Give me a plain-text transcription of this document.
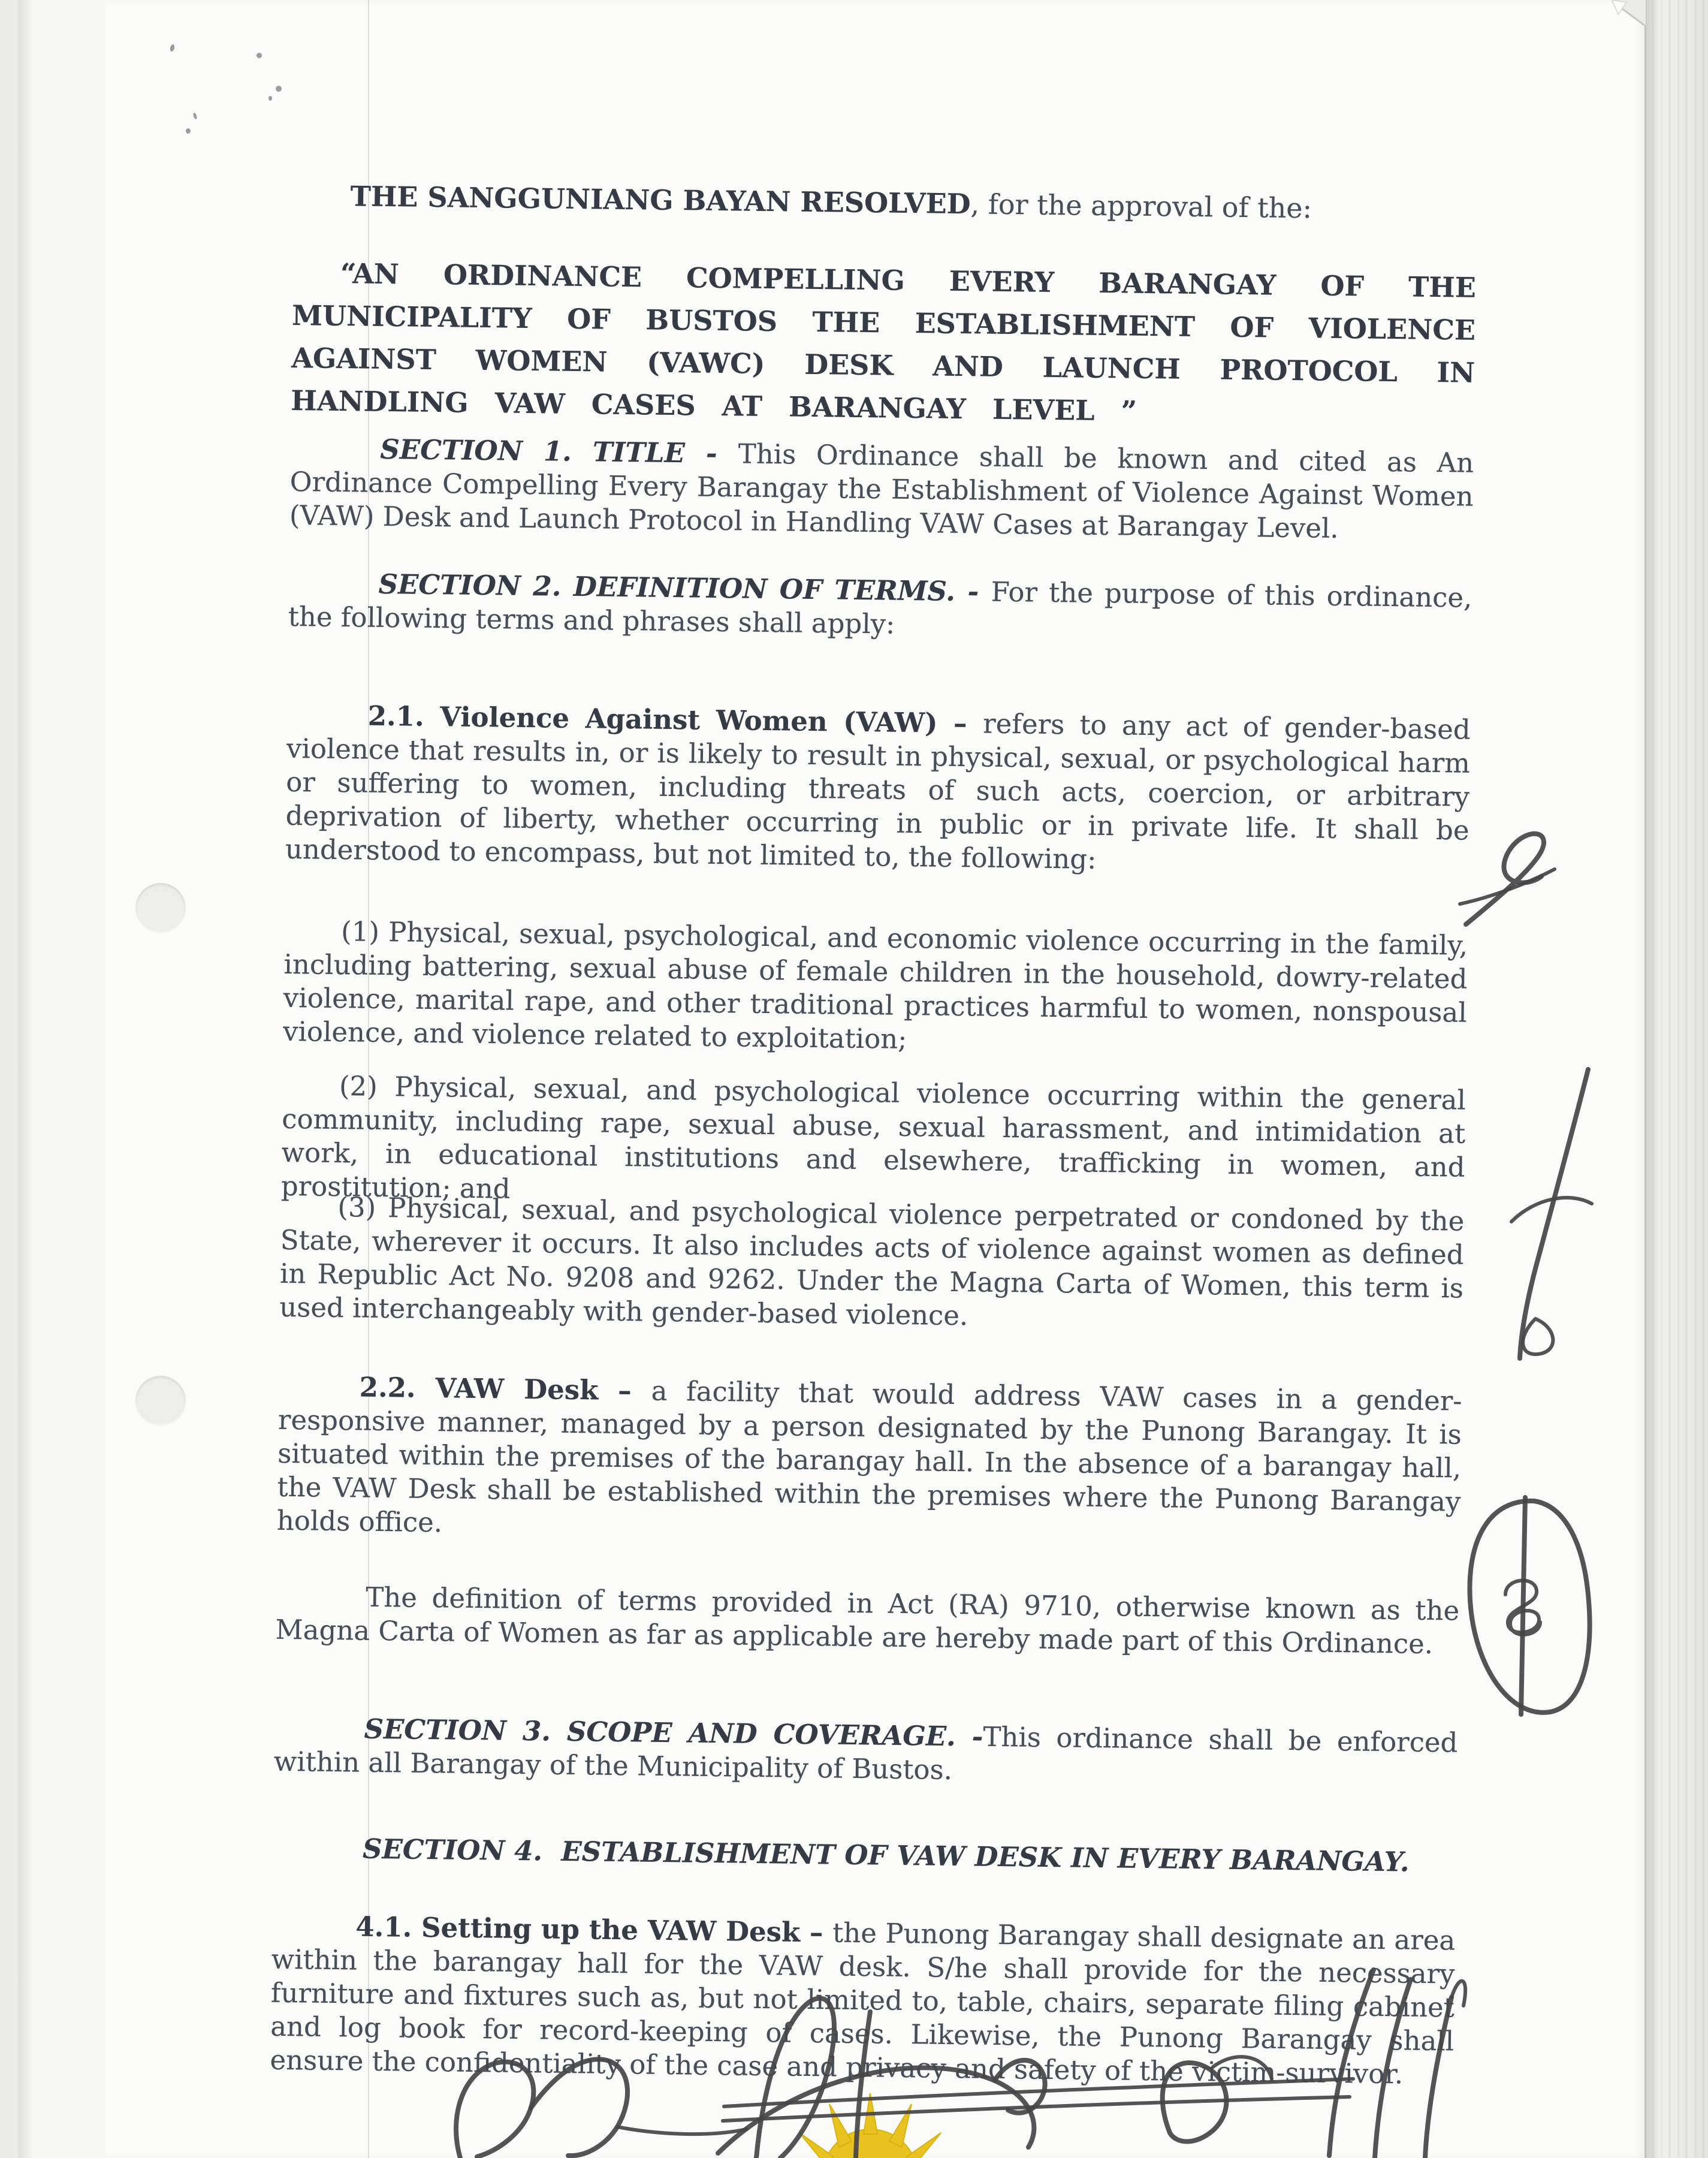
THE SANGGUNIANG BAYAN RESOLVED, for the approval of the:

“AN ORDINANCE COMPELLING EVERY BARANGAY OF THE MUNICIPALITY OF BUSTOS THE ESTABLISHMENT OF VIOLENCE AGAINST WOMEN (VAWC) DESK AND LAUNCH PROTOCOL IN HANDLING VAW CASES AT BARANGAY LEVEL ”

SECTION 1. TITLE - This Ordinance shall be known and cited as An Ordinance Compelling Every Barangay the Establishment of Violence Against Women (VAW) Desk and Launch Protocol in Handling VAW Cases at Barangay Level.

SECTION 2. DEFINITION OF TERMS. - For the purpose of this ordinance, the following terms and phrases shall apply:

2.1. Violence Against Women (VAW) – refers to any act of gender-based violence that results in, or is likely to result in physical, sexual, or psychological harm or suffering to women, including threats of such acts, coercion, or arbitrary deprivation of liberty, whether occurring in public or in private life. It shall be understood to encompass, but not limited to, the following:

(1) Physical, sexual, psychological, and economic violence occurring in the family, including battering, sexual abuse of female children in the household, dowry-related violence, marital rape, and other traditional practices harmful to women, nonspousal violence, and violence related to exploitation;

(2) Physical, sexual, and psychological violence occurring within the general community, including rape, sexual abuse, sexual harassment, and intimidation at work, in educational institutions and elsewhere, trafficking in women, and prostitution; and

(3) Physical, sexual, and psychological violence perpetrated or condoned by the State, wherever it occurs. It also includes acts of violence against women as defined in Republic Act No. 9208 and 9262. Under the Magna Carta of Women, this term is used interchangeably with gender-based violence.

2.2. VAW Desk – a facility that would address VAW cases in a gender-responsive manner, managed by a person designated by the Punong Barangay. It is situated within the premises of the barangay hall. In the absence of a barangay hall, the VAW Desk shall be established within the premises where the Punong Barangay holds office.

The definition of terms provided in Act (RA) 9710, otherwise known as the Magna Carta of Women as far as applicable are hereby made part of this Ordinance.

SECTION 3. SCOPE AND COVERAGE. -This ordinance shall be enforced within all Barangay of the Municipality of Bustos.

SECTION 4.  ESTABLISHMENT OF VAW DESK IN EVERY BARANGAY.

4.1. Setting up the VAW Desk – the Punong Barangay shall designate an area within the barangay hall for the VAW desk. S/he shall provide for the necessary furniture and fixtures such as, but not limited to, table, chairs, separate filing cabinet and log book for record-keeping of cases. Likewise, the Punong Barangay shall ensure the confidentiality of the case and privacy and safety of the victim-survivor.
